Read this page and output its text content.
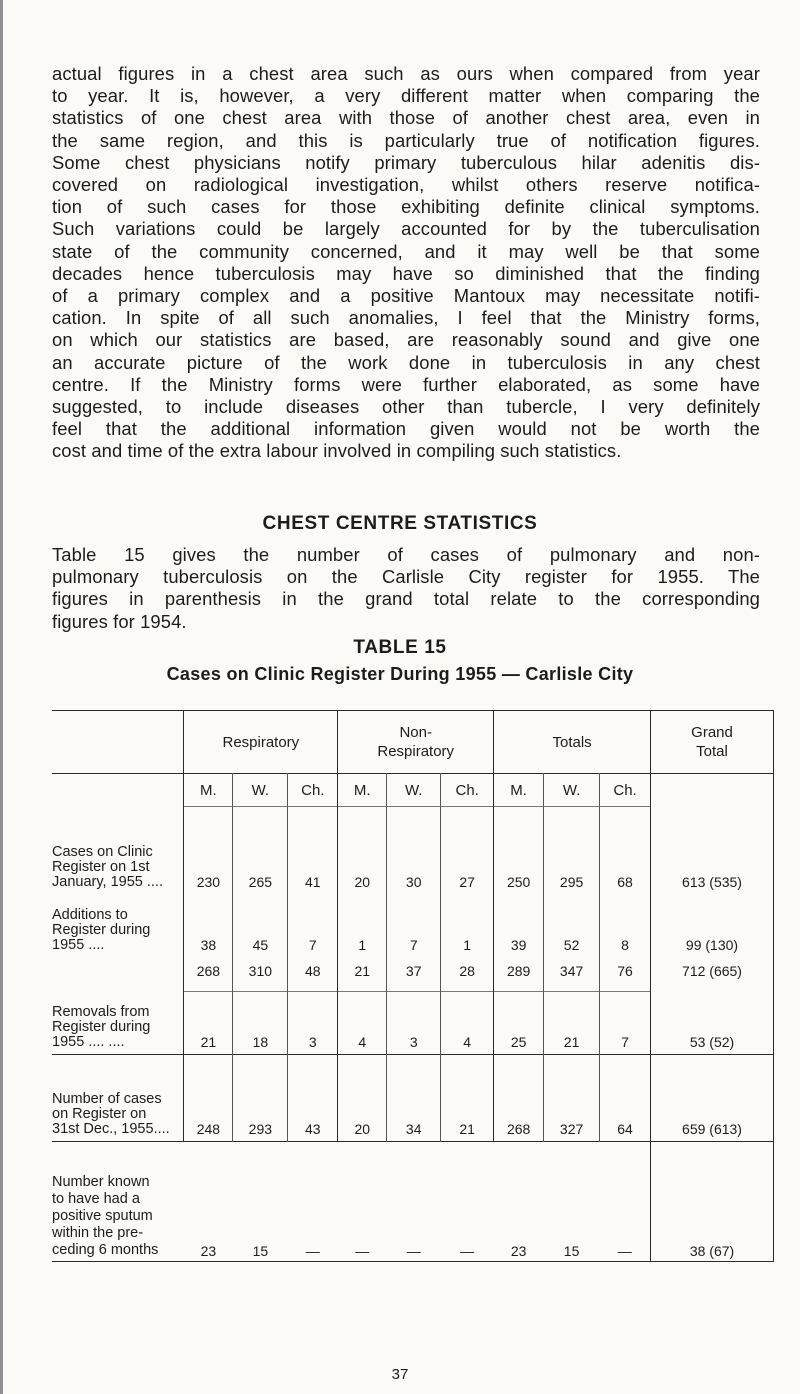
actual figures in a chest area such as ours when compared from year
to year. It is, however, a very different matter when comparing the
statistics of one chest area with those of another chest area, even in
the same region, and this is particularly true of notification figures.
Some chest physicians notify primary tuberculous hilar adenitis dis-
covered on radiological investigation, whilst others reserve notifica-
tion of such cases for those exhibiting definite clinical symptoms.
Such variations could be largely accounted for by the tuberculisation
state of the community concerned, and it may well be that some
decades hence tuberculosis may have so diminished that the finding
of a primary complex and a positive Mantoux may necessitate notifi-
cation. In spite of all such anomalies, I feel that the Ministry forms,
on which our statistics are based, are reasonably sound and give one
an accurate picture of the work done in tuberculosis in any chest
centre. If the Ministry forms were further elaborated, as some have
suggested, to include diseases other than tubercle, I very definitely
feel that the additional information given would not be worth the
cost and time of the extra labour involved in compiling such statistics.
CHEST CENTRE STATISTICS
Table 15 gives the number of cases of pulmonary and non-
pulmonary tuberculosis on the Carlisle City register for 1955. The
figures in parenthesis in the grand total relate to the corresponding
figures for 1954.
TABLE 15
Cases on Clinic Register During 1955 — Carlisle City
	Respiratory			Non-
Respiratory			Totals			Grand
Total
	M.	W.	Ch.	M.	W.	Ch.	M.	W.	Ch.	
Cases on Clinic
Register on 1st
January, 1955 ....	230	265	41	20	30	27	250	295	68	613 (535)
Additions to
Register during
1955 ....	38	45	7	1	7	1	39	52	8	99 (130)
	268	310	48	21	37	28	289	347	76	712 (665)
Removals from
Register during
1955 .... ....	21	18	3	4	3	4	25	21	7	53 (52)
Number of cases
on Register on
31st Dec., 1955....	248	293	43	20	34	21	268	327	64	659 (613)
Number known
to have had a
positive sputum
within the pre-
ceding 6 months	23	15	—	—	—	—	23	15	—	38 (67)
37
